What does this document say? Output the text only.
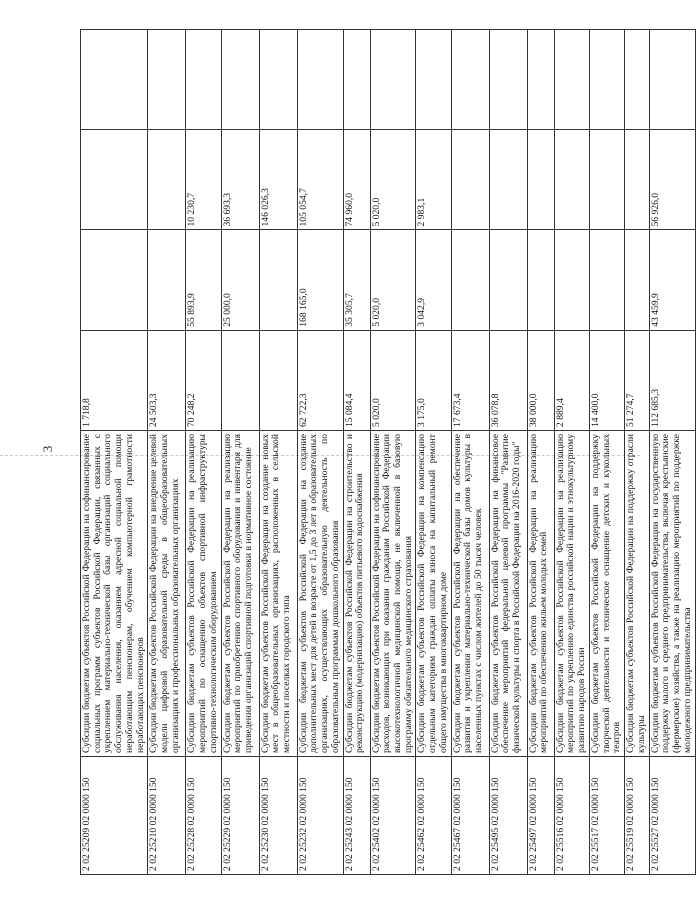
3
2 02 25209 02 0000 150	Субсидии бюджетам субъектов Российской Федерации на софинансирование социальных программ субъектов Российской Федерации, связанных с укреплением материально-технической базы организаций социального обслуживания населения, оказанием адресной социальной помощи неработающим пенсионерам, обучением компьютерной грамотности неработающих пенсионеров	1 718,8			
2 02 25210 02 0000 150	Субсидии бюджетам субъектов Российской Федерации на внедрение целевой модели цифровой образовательной среды в общеобразовательных организациях и профессиональных образовательных организациях	24 503,3			
2 02 25228 02 0000 150	Субсидии бюджетам субъектов Российской Федерации на реализацию мероприятий по оснащению объектов спортивной инфраструктуры спортивно-технологическим оборудованием	70 248,2	55 893,9	10 230,7	
2 02 25229 02 0000 150	Субсидии бюджетам субъектов Российской Федерации на реализацию мероприятий по приобретению спортивного оборудования и инвентаря для приведения организаций спортивной подготовки в нормативное состояние		25 000,0	36 693,3	
2 02 25230 02 0000 150	Субсидии бюджетам субъектов Российской Федерации на создание новых мест в общеобразовательных организациях, расположенных в сельской местности и поселках городского типа			146 026,3	
2 02 25232 02 0000 150	Субсидии бюджетам субъектов Российской Федерации на создание дополнительных мест для детей в возрасте от 1,5 до 3 лет в образовательных организациях, осуществляющих образовательную деятельность по образовательным программам дошкольного образования	62 722,3	168 165,0	105 054,7	
2 02 25243 02 0000 150	Субсидии бюджетам субъектов Российской Федерации на строительство и реконструкцию (модернизацию) объектов питьевого водоснабжения	15 084,4	35 305,7	74 960,0	
2 02 25402 02 0000 150	Субсидии бюджетам субъектов Российской Федерации на софинансирование расходов, возникающих при оказании гражданам Российской Федерации высокотехнологичной медицинской помощи, не включенной в базовую программу обязательного медицинского страхования	5 020,0	5 020,0	5 020,0	
2 02 25462 02 0000 150	Субсидии бюджетам субъектов Российской Федерации на компенсацию отдельным категориям граждан оплаты взноса на капитальный ремонт общего имущества в многоквартирном доме	3 175,0	3 042,9	2 983,1	
2 02 25467 02 0000 150	Субсидии бюджетам субъектов Российской Федерации на обеспечение развития и укрепления материально-технической базы домов культуры в населенных пунктах с числом жителей до 50 тысяч человек	17 673,4			
2 02 25495 02 0000 150	Субсидии бюджетам субъектов Российской Федерации на финансовое обеспечение мероприятий федеральной целевой программы "Развитие физической культуры и спорта в Российской Федерации на 2016-2020 годы"	36 078,8			
2 02 25497 02 0000 150	Субсидии бюджетам субъектов Российской Федерации на реализацию мероприятий по обеспечению жильем молодых семей	38 000,0			
2 02 25516 02 0000 150	Субсидии бюджетам субъектов Российской Федерации на реализацию мероприятий по укреплению единства российской нации и этнокультурному развитию народов России	2 889,4			
2 02 25517 02 0000 150	Субсидии бюджетам субъектов Российской Федерации на поддержку творческой деятельности и техническое оснащение детских и кукольных театров	14 400,0			
2 02 25519 02 0000 150	Субсидия бюджетам субъектов Российской Федерации на поддержку отрасли культуры	51 274,7			
2 02 25527 02 0000 150	Субсидии бюджетам субъектов Российской Федерации на государственную поддержку малого и среднего предпринимательства, включая крестьянские (фермерские) хозяйства, а также на реализацию мероприятий по поддержке молодежного предпринимательства	112 685,3	43 459,9	56 926,0	
